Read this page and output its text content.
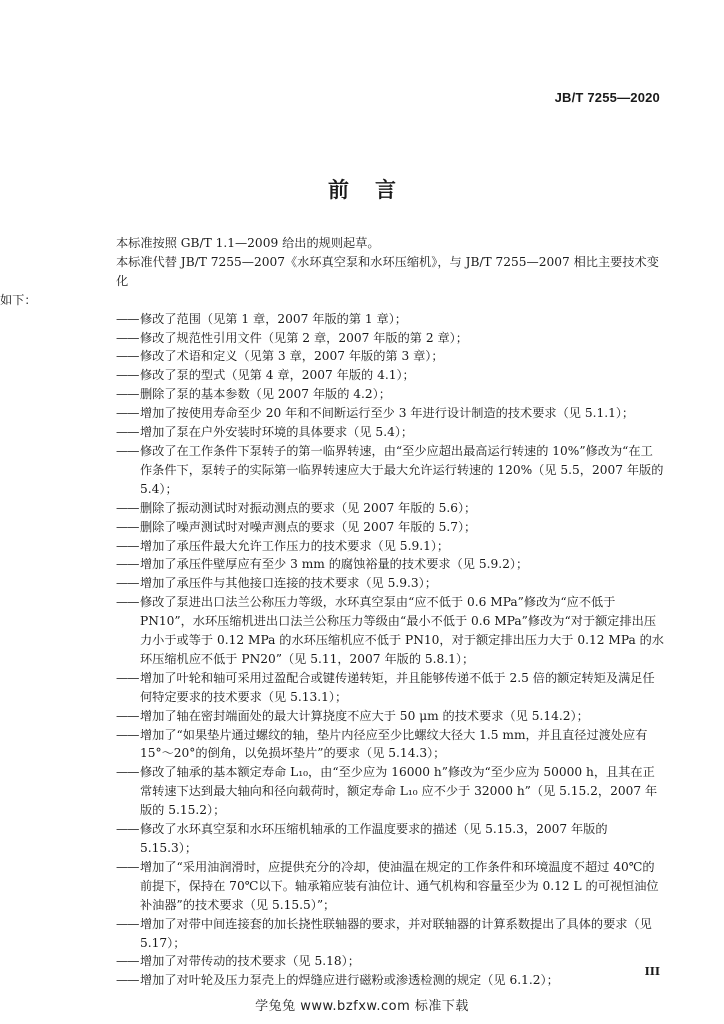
JB/T 7255—2020
前 言

本标准按照 GB/T 1.1—2009 给出的规则起草。

本标准代替 JB/T 7255—2007《水环真空泵和水环压缩机》，与 JB/T 7255—2007 相比主要技术变化

如下：

—— 修改了范围（见第 1 章，2007 年版的第 1 章）；
—— 修改了规范性引用文件（见第 2 章，2007 年版的第 2 章）；
—— 修改了术语和定义（见第 3 章，2007 年版的第 3 章）；
—— 修改了泵的型式（见第 4 章，2007 年版的 4.1）；
—— 删除了泵的基本参数（见 2007 年版的 4.2）；
—— 增加了按使用寿命至少 20 年和不间断运行至少 3 年进行设计制造的技术要求（见 5.1.1）；
—— 增加了泵在户外安装时环境的具体要求（见 5.4）；
—— 修改了在工作条件下泵转子的第一临界转速，由“至少应超出最高运行转速的 10%”修改为“在工作条件下，泵转子的实际第一临界转速应大于最大允许运行转速的 120%（见 5.5，2007 年版的 5.4）；
—— 删除了振动测试时对振动测点的要求（见 2007 年版的 5.6）；
—— 删除了噪声测试时对噪声测点的要求（见 2007 年版的 5.7）；
—— 增加了承压件最大允许工作压力的技术要求（见 5.9.1）；
—— 增加了承压件壁厚应有至少 3 mm 的腐蚀裕量的技术要求（见 5.9.2）；
—— 增加了承压件与其他接口连接的技术要求（见 5.9.3）；
—— 修改了泵进出口法兰公称压力等级，水环真空泵由“应不低于 0.6 MPa”修改为“应不低于 PN10”，水环压缩机进出口法兰公称压力等级由“最小不低于 0.6 MPa”修改为“对于额定排出压力小于或等于 0.12 MPa 的水环压缩机应不低于 PN10，对于额定排出压力大于 0.12 MPa 的水环压缩机应不低于 PN20”（见 5.11，2007 年版的 5.8.1）；
—— 增加了叶轮和轴可采用过盈配合或键传递转矩，并且能够传递不低于 2.5 倍的额定转矩及满足任何特定要求的技术要求（见 5.13.1）；
—— 增加了轴在密封端面处的最大计算挠度不应大于 50 μm 的技术要求（见 5.14.2）；
—— 增加了“如果垫片通过螺纹的轴，垫片内径应至少比螺纹大径大 1.5 mm，并且直径过渡处应有 15°～20°的倒角，以免损坏垫片”的要求（见 5.14.3）；
—— 修改了轴承的基本额定寿命 L₁₀，由“至少应为 16000 h”修改为“至少应为 50000 h，且其在正常转速下达到最大轴向和径向载荷时，额定寿命 L₁₀ 应不少于 32000 h”（见 5.15.2，2007 年版的 5.15.2）；
—— 修改了水环真空泵和水环压缩机轴承的工作温度要求的描述（见 5.15.3，2007 年版的 5.15.3）；
—— 增加了“采用油润滑时，应提供充分的冷却，使油温在规定的工作条件和环境温度不超过 40℃的前提下，保持在 70℃以下。轴承箱应装有油位计、通气机构和容量至少为 0.12 L 的可视恒油位补油器”的技术要求（见 5.15.5）”；
—— 增加了对带中间连接套的加长挠性联轴器的要求，并对联轴器的计算系数提出了具体的要求（见 5.17）；
—— 增加了对带传动的技术要求（见 5.18）；
—— 增加了对叶轮及压力泵壳上的焊缝应进行磁粉或渗透检测的规定（见 6.1.2）；
III
学兔兔 www.bzfxw.com 标准下载
